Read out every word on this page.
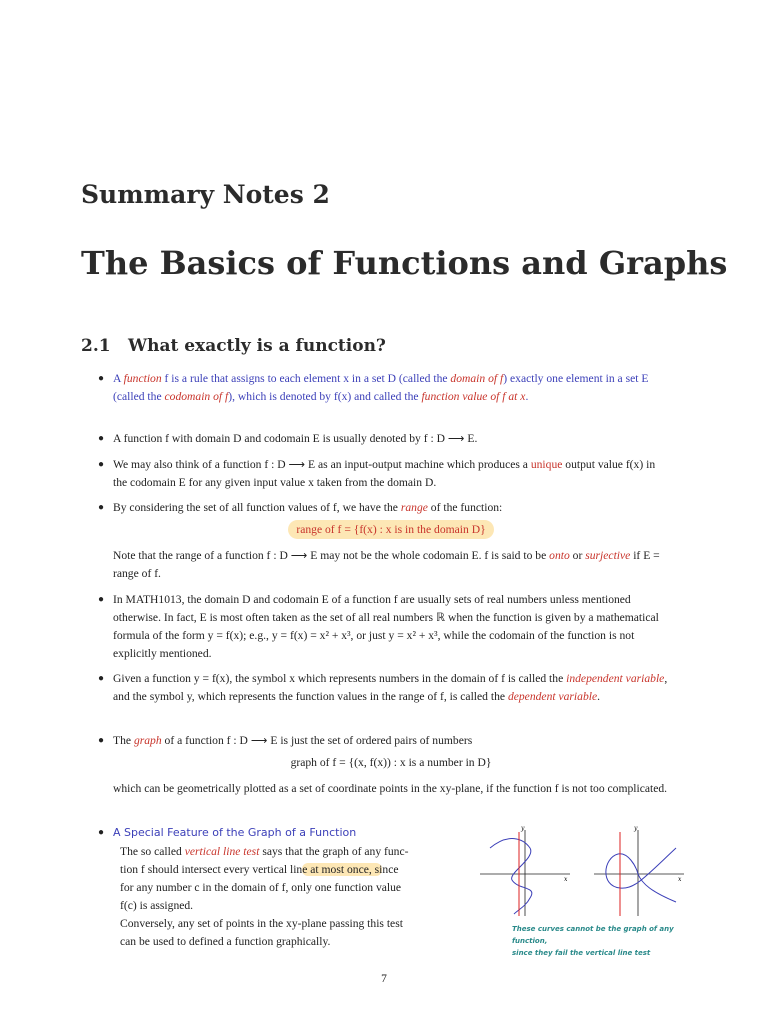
Summary Notes 2
The Basics of Functions and Graphs
2.1 What exactly is a function?
● A function f is a rule that assigns to each element x in a set D (called the domain of f) exactly one element in a set E (called the codomain of f), which is denoted by f(x) and called the function value of f at x.
● A function f with domain D and codomain E is usually denoted by f : D ⟶ E.
● We may also think of a function f : D ⟶ E as an input-output machine which produces a unique output value f(x) in the codomain E for any given input value x taken from the domain D.
● By considering the set of all function values of f, we have the range of the function:
range of f = {f(x) : x is in the domain D}
Note that the range of a function f : D ⟶ E may not be the whole codomain E. f is said to be onto or surjective if E = range of f.
● In MATH1013, the domain D and codomain E of a function f are usually sets of real numbers unless mentioned otherwise. In fact, E is most often taken as the set of all real numbers ℝ when the function is given by a mathematical formula of the form y = f(x); e.g., y = f(x) = x² + x³, or just y = x² + x³, while the codomain of the function is not explicitly mentioned.
● Given a function y = f(x), the symbol x which represents numbers in the domain of f is called the independent variable, and the symbol y, which represents the function values in the range of f, is called the dependent variable.
● The graph of a function f : D ⟶ E is just the set of ordered pairs of numbers
graph of f = {(x, f(x)) : x is a number in D}
which can be geometrically plotted as a set of coordinate points in the xy-plane, if the function f is not too complicated.
● A Special Feature of the Graph of a Function
The so called vertical line test says that the graph of any func-
tion f should intersect every vertical line at most once, since
for any number c in the domain of f, only one function value
f(c) is assigned.
Conversely, any set of points in the xy-plane passing this test
can be used to defined a function graphically.
y
x
y
x
These curves cannot be the graph of any function,
since they fail the vertical line test
7
